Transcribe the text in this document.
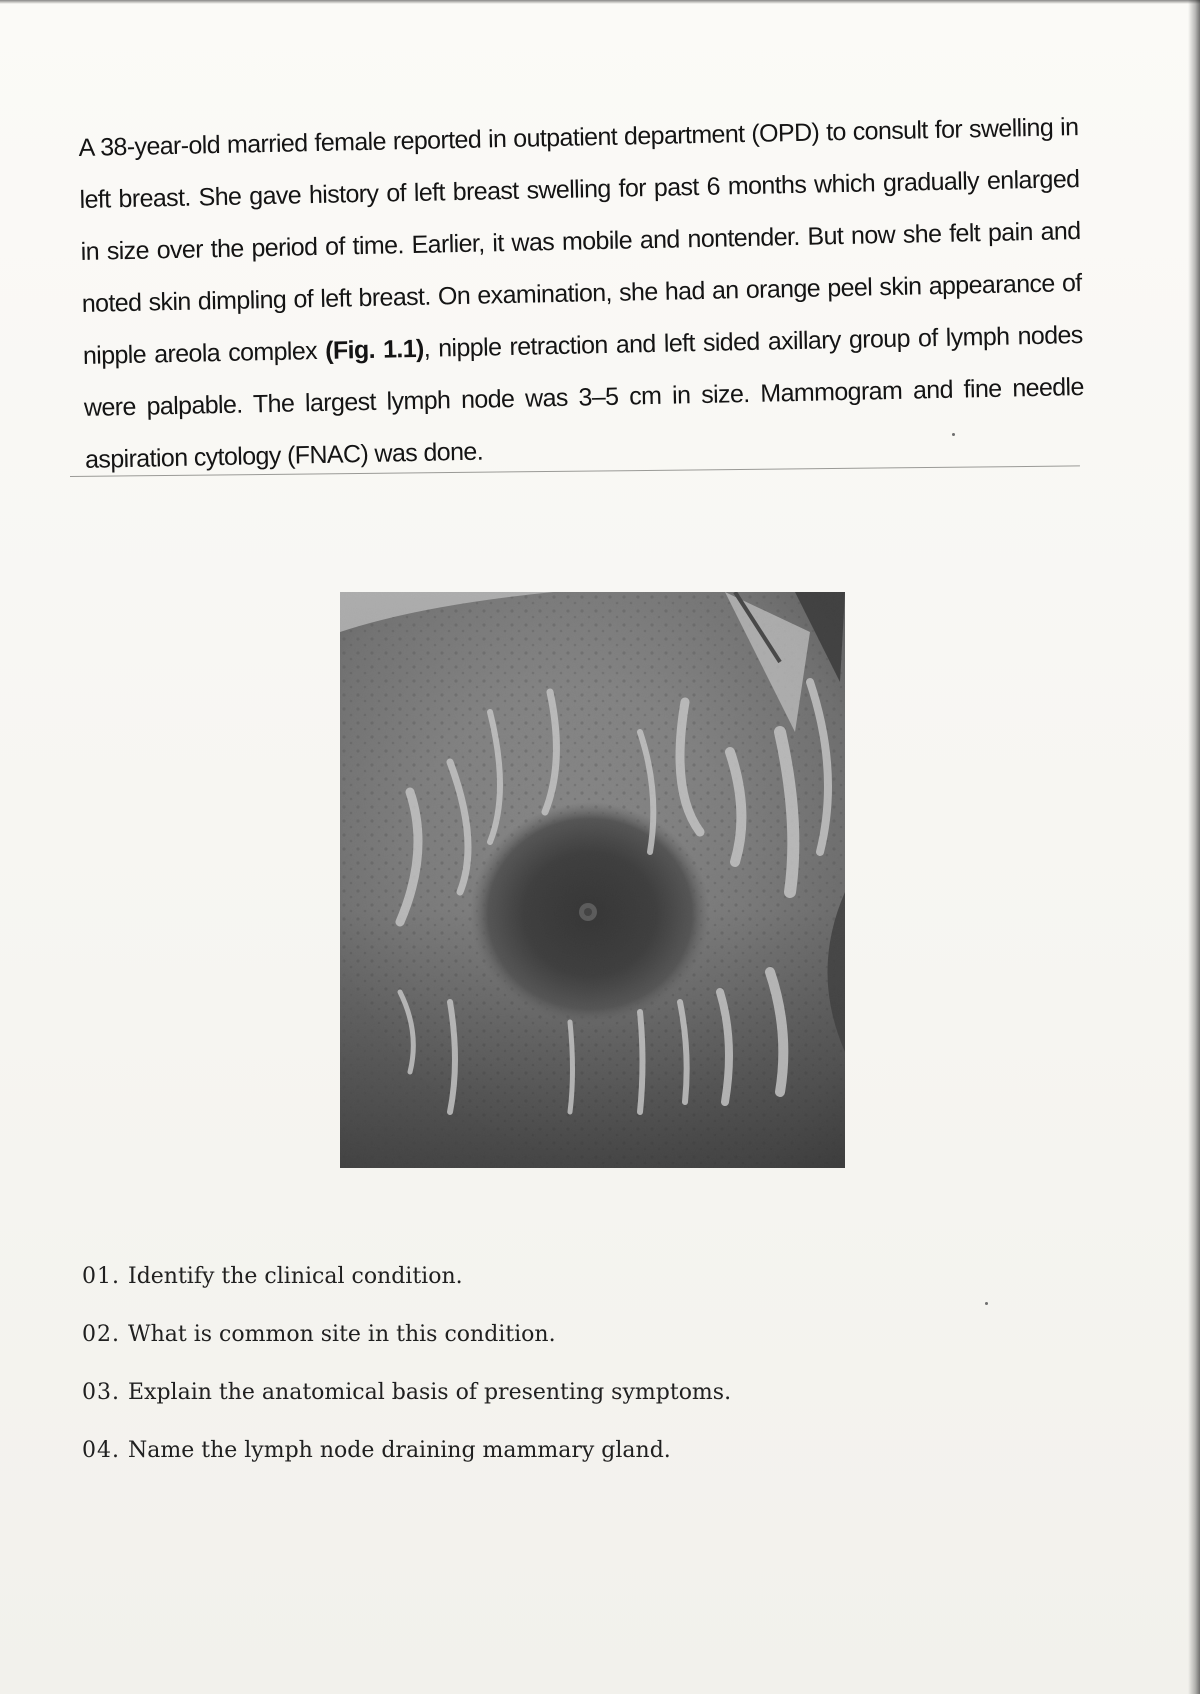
A 38-year-old married female reported in outpatient department (OPD) to consult for swelling in left breast. She gave history of left breast swelling for past 6 months which gradually enlarged in size over the period of time. Earlier, it was mobile and nontender. But now she felt pain and noted skin dimpling of left breast. On examination, she had an orange peel skin appearance of nipple areola complex (Fig. 1.1), nipple retraction and left sided axillary group of lymph nodes were palpable. The largest lymph node was 3–5 cm in size. Mammogram and fine needle aspiration cytology (FNAC) was done.

01. Identify the clinical condition.
02. What is common site in this condition.
03. Explain the anatomical basis of presenting symptoms.
04. Name the lymph node draining mammary gland.
